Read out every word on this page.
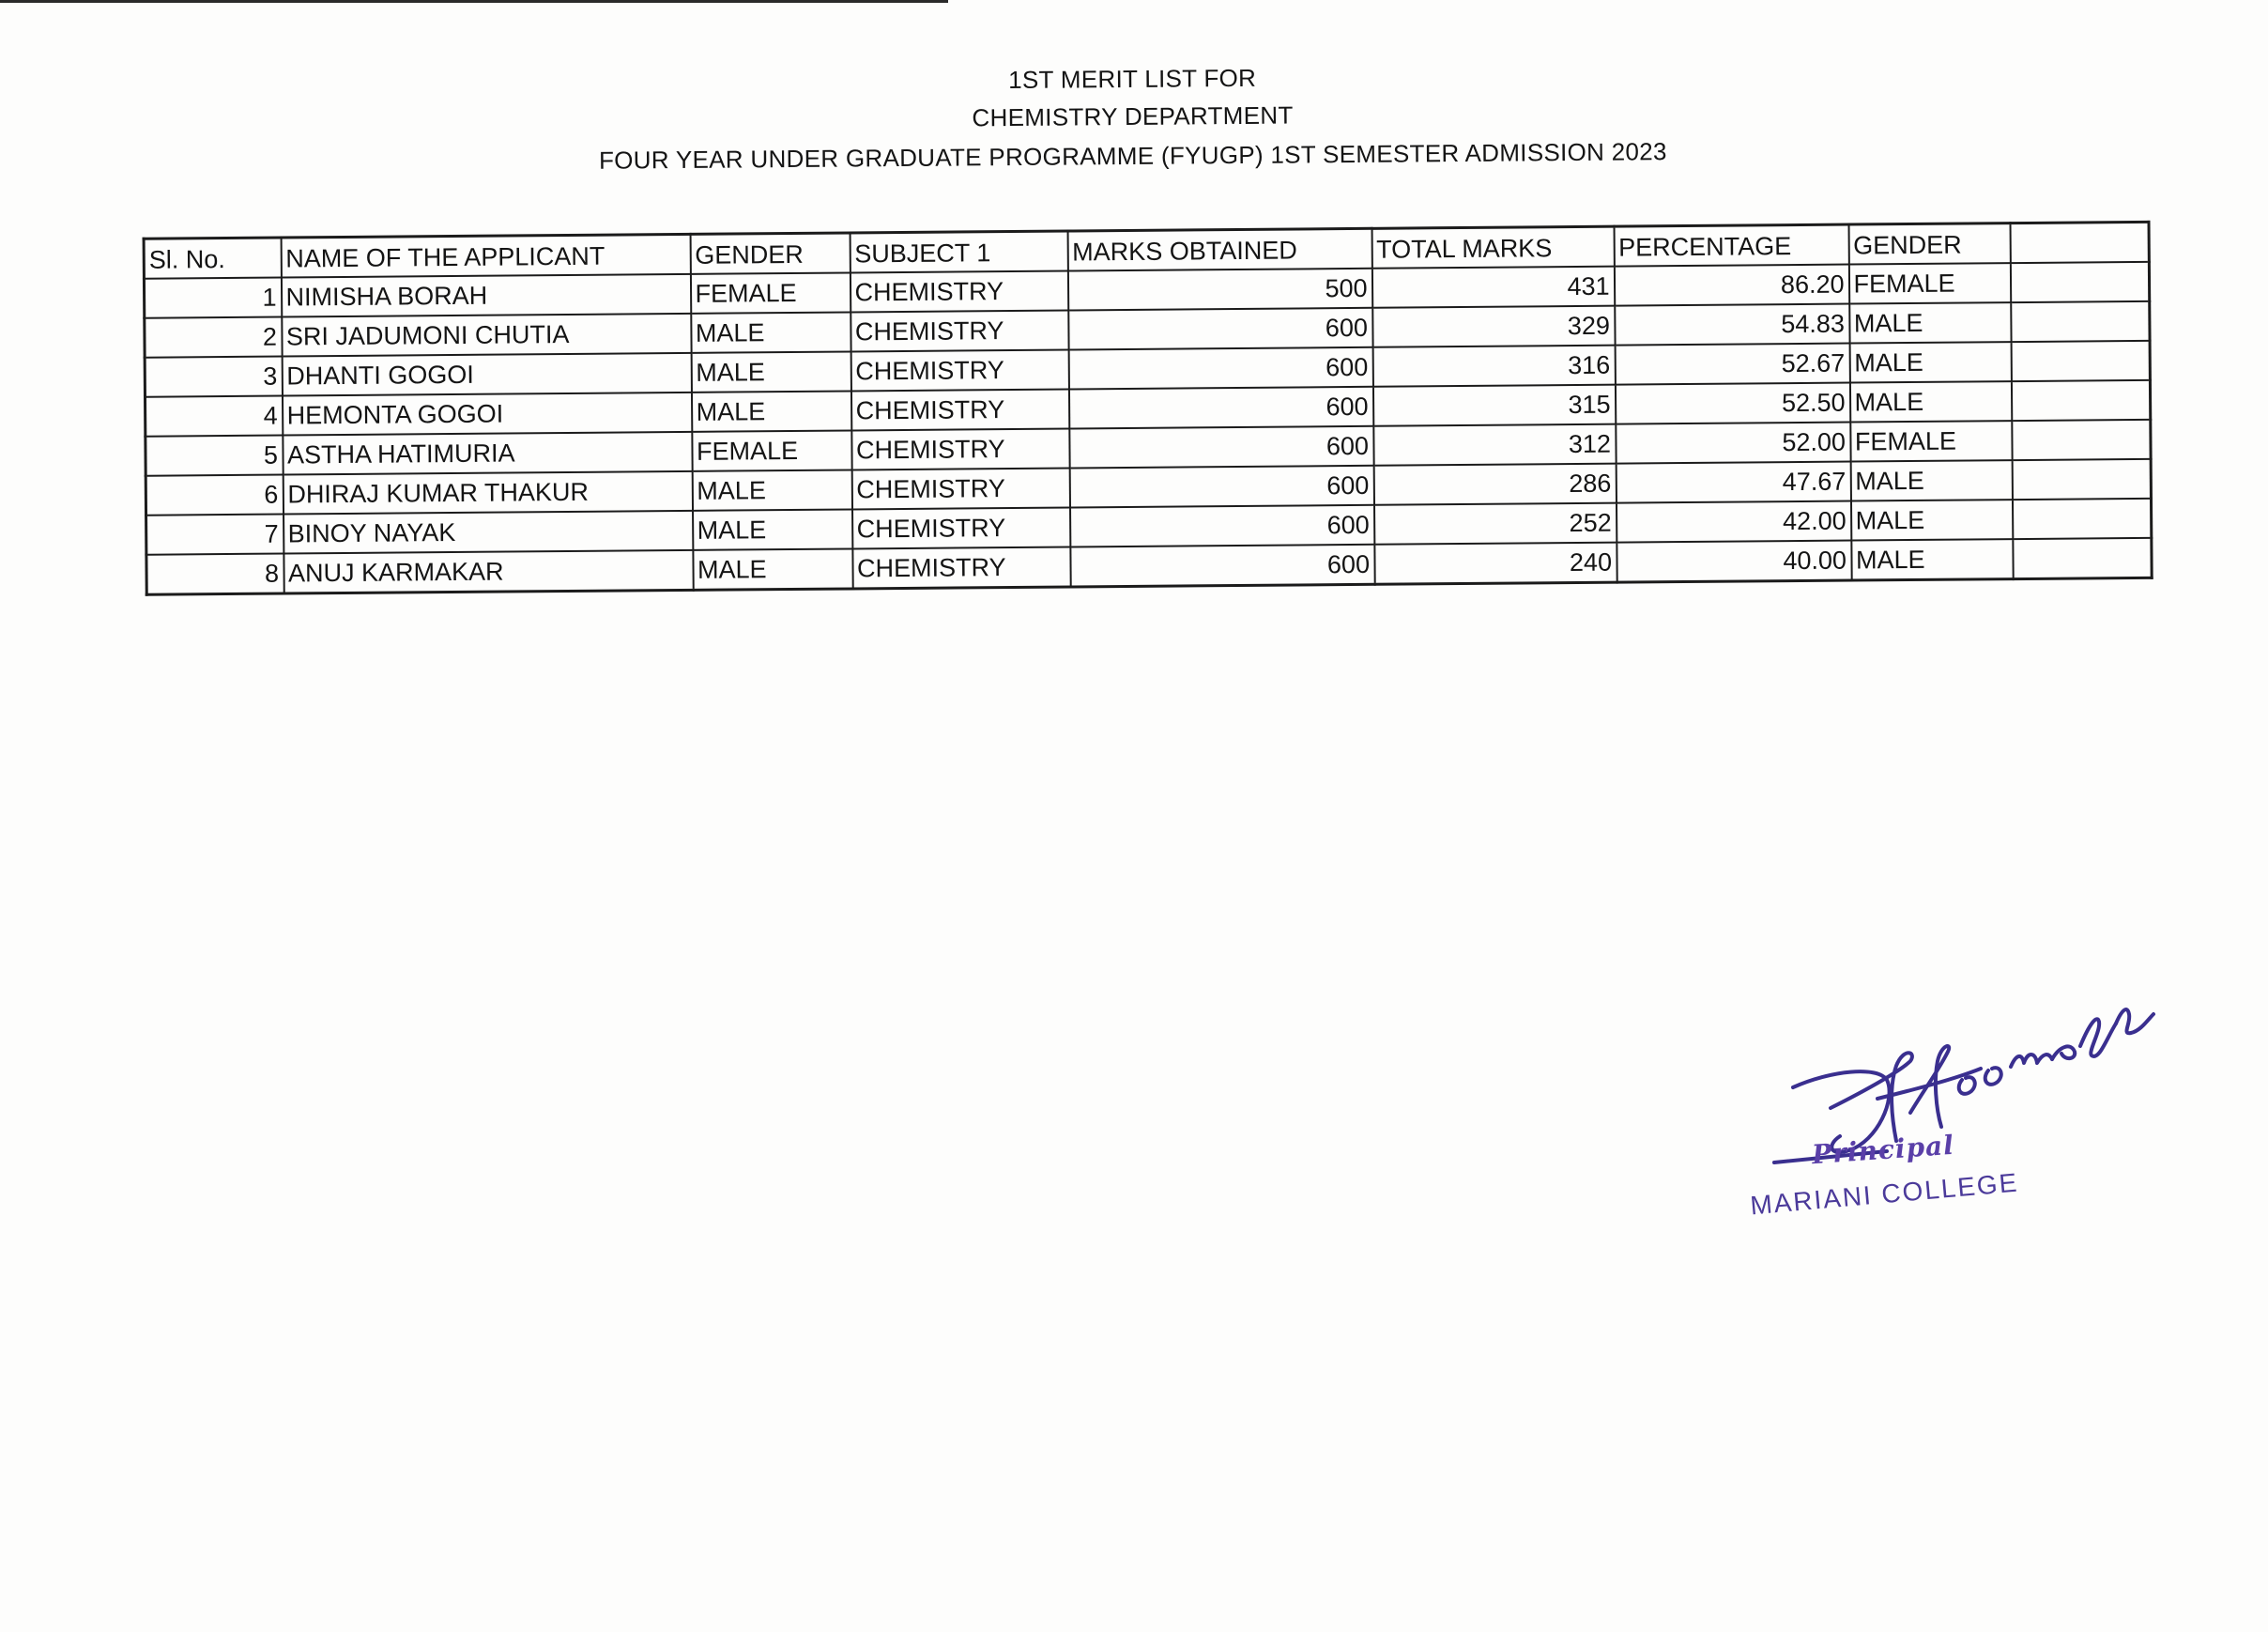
1ST MERIT LIST FOR
CHEMISTRY DEPARTMENT
FOUR YEAR UNDER GRADUATE PROGRAMME (FYUGP) 1ST SEMESTER ADMISSION 2023
Sl. No.	NAME OF THE APPLICANT	GENDER	SUBJECT 1	MARKS OBTAINED	TOTAL MARKS	PERCENTAGE	GENDER	
1	NIMISHA BORAH	FEMALE	CHEMISTRY	500	431	86.20	FEMALE	
2	SRI JADUMONI CHUTIA	MALE	CHEMISTRY	600	329	54.83	MALE	
3	DHANTI GOGOI	MALE	CHEMISTRY	600	316	52.67	MALE	
4	HEMONTA GOGOI	MALE	CHEMISTRY	600	315	52.50	MALE	
5	ASTHA HATIMURIA	FEMALE	CHEMISTRY	600	312	52.00	FEMALE	
6	DHIRAJ KUMAR THAKUR	MALE	CHEMISTRY	600	286	47.67	MALE	
7	BINOY NAYAK	MALE	CHEMISTRY	600	252	42.00	MALE	
8	ANUJ KARMAKAR	MALE	CHEMISTRY	600	240	40.00	MALE	
Principal
MARIANI COLLEGE
